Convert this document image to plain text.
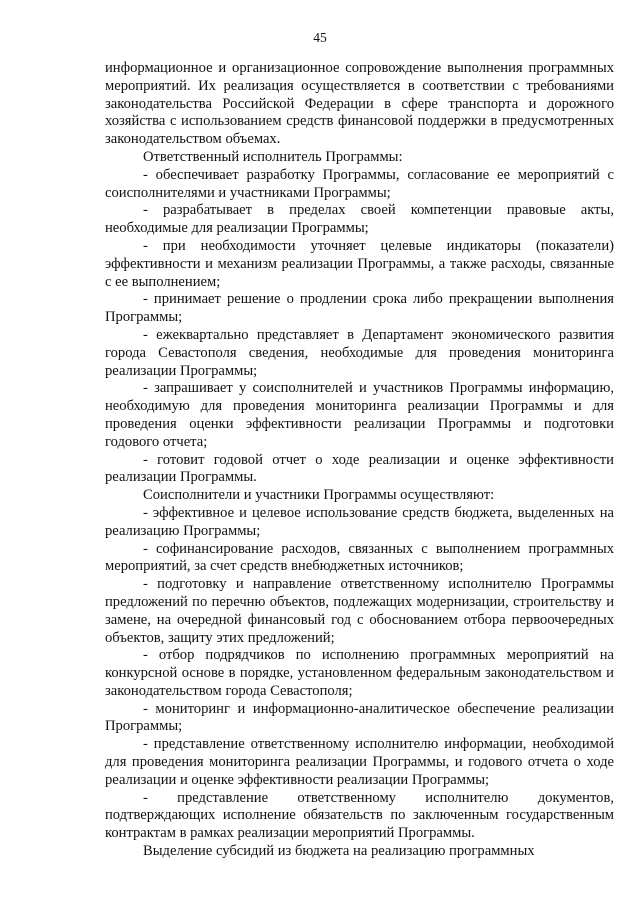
45

информационное и организационное сопровождение выполнения программных мероприятий. Их реализация осуществляется в соответствии с требованиями законодательства Российской Федерации в сфере транспорта и дорожного хозяйства с использованием средств финансовой поддержки в предусмотренных законодательством объемах.

Ответственный исполнитель Программы:

- обеспечивает разработку Программы, согласование ее мероприятий с соисполнителями и участниками Программы;

- разрабатывает в пределах своей компетенции правовые акты, необходимые для реализации Программы;

- при необходимости уточняет целевые индикаторы (показатели) эффективности и механизм реализации Программы, а также расходы, связанные с ее выполнением;

- принимает решение о продлении срока либо прекращении выполнения Программы;

- ежеквартально представляет в Департамент экономического развития города Севастополя сведения, необходимые для проведения мониторинга реализации Программы;

- запрашивает у соисполнителей и участников Программы информацию, необходимую для проведения мониторинга реализации Программы и для проведения оценки эффективности реализации Программы и подготовки годового отчета;

- готовит годовой отчет о ходе реализации и оценке эффективности реализации Программы.

Соисполнители и участники Программы осуществляют:

- эффективное и целевое использование средств бюджета, выделенных на реализацию Программы;

- софинансирование расходов, связанных с выполнением программных мероприятий, за счет средств внебюджетных источников;

- подготовку и направление ответственному исполнителю Программы предложений по перечню объектов, подлежащих модернизации, строительству и замене, на очередной финансовый год с обоснованием отбора первоочередных объектов, защиту этих предложений;

- отбор подрядчиков по исполнению программных мероприятий на конкурсной основе в порядке, установленном федеральным законодательством и законодательством города Севастополя;

- мониторинг и информационно-аналитическое обеспечение реализации Программы;

- представление ответственному исполнителю информации, необходимой для проведения мониторинга реализации Программы, и годового отчета о ходе реализации и оценке эффективности реализации Программы;

- представление ответственному исполнителю документов, подтверждающих исполнение обязательств по заключенным государственным контрактам в рамках реализации мероприятий Программы.

Выделение субсидий из бюджета на реализацию программных
